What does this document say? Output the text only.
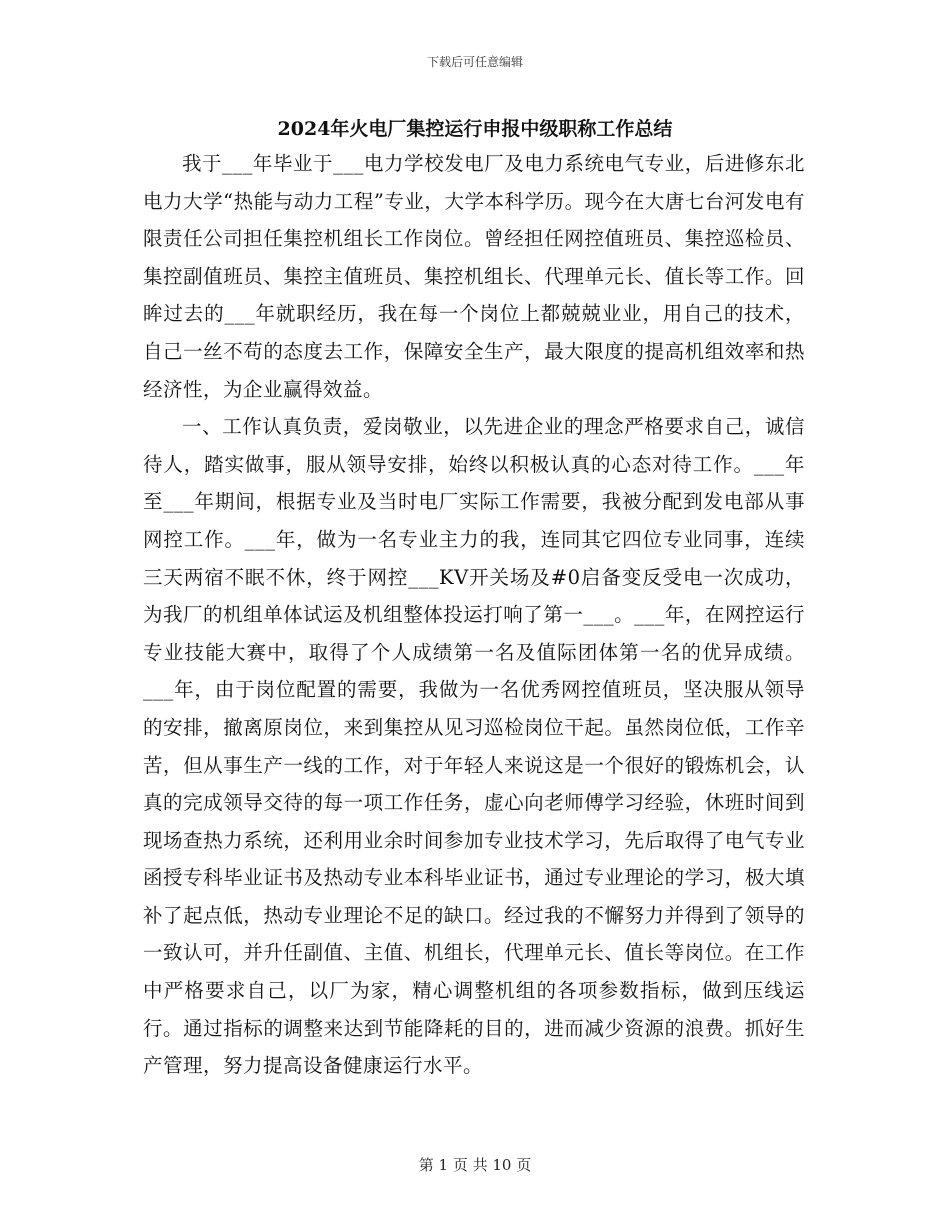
下载后可任意编辑
2024年火电厂集控运行申报中级职称工作总结

我于___年毕业于___电力学校发电厂及电力系统电气专业，后进修东北电力大学“热能与动力工程”专业，大学本科学历。现今在大唐七台河发电有限责任公司担任集控机组长工作岗位。曾经担任网控值班员、集控巡检员、集控副值班员、集控主值班员、集控机组长、代理单元长、值长等工作。回眸过去的___年就职经历，我在每一个岗位上都兢兢业业，用自己的技术，自己一丝不苟的态度去工作，保障安全生产，最大限度的提高机组效率和热经济性，为企业赢得效益。

一、工作认真负责，爱岗敬业，以先进企业的理念严格要求自己，诚信待人，踏实做事，服从领导安排，始终以积极认真的心态对待工作。___年至___年期间，根据专业及当时电厂实际工作需要，我被分配到发电部从事网控工作。___年，做为一名专业主力的我，连同其它四位专业同事，连续三天两宿不眠不休，终于网控___KV开关场及#0启备变反受电一次成功，为我厂的机组单体试运及机组整体投运打响了第一___。___年，在网控运行专业技能大赛中，取得了个人成绩第一名及值际团体第一名的优异成绩。___年，由于岗位配置的需要，我做为一名优秀网控值班员，坚决服从领导的安排，撤离原岗位，来到集控从见习巡检岗位干起。虽然岗位低，工作辛苦，但从事生产一线的工作，对于年轻人来说这是一个很好的锻炼机会，认真的完成领导交待的每一项工作任务，虚心向老师傅学习经验，休班时间到现场查热力系统，还利用业余时间参加专业技术学习，先后取得了电气专业函授专科毕业证书及热动专业本科毕业证书，通过专业理论的学习，极大填补了起点低，热动专业理论不足的缺口。经过我的不懈努力并得到了领导的一致认可，并升任副值、主值、机组长，代理单元长、值长等岗位。在工作中严格要求自己，以厂为家，精心调整机组的各项参数指标，做到压线运行。通过指标的调整来达到节能降耗的目的，进而减少资源的浪费。抓好生产管理，努力提高设备健康运行水平。

第 1 页 共 10 页
